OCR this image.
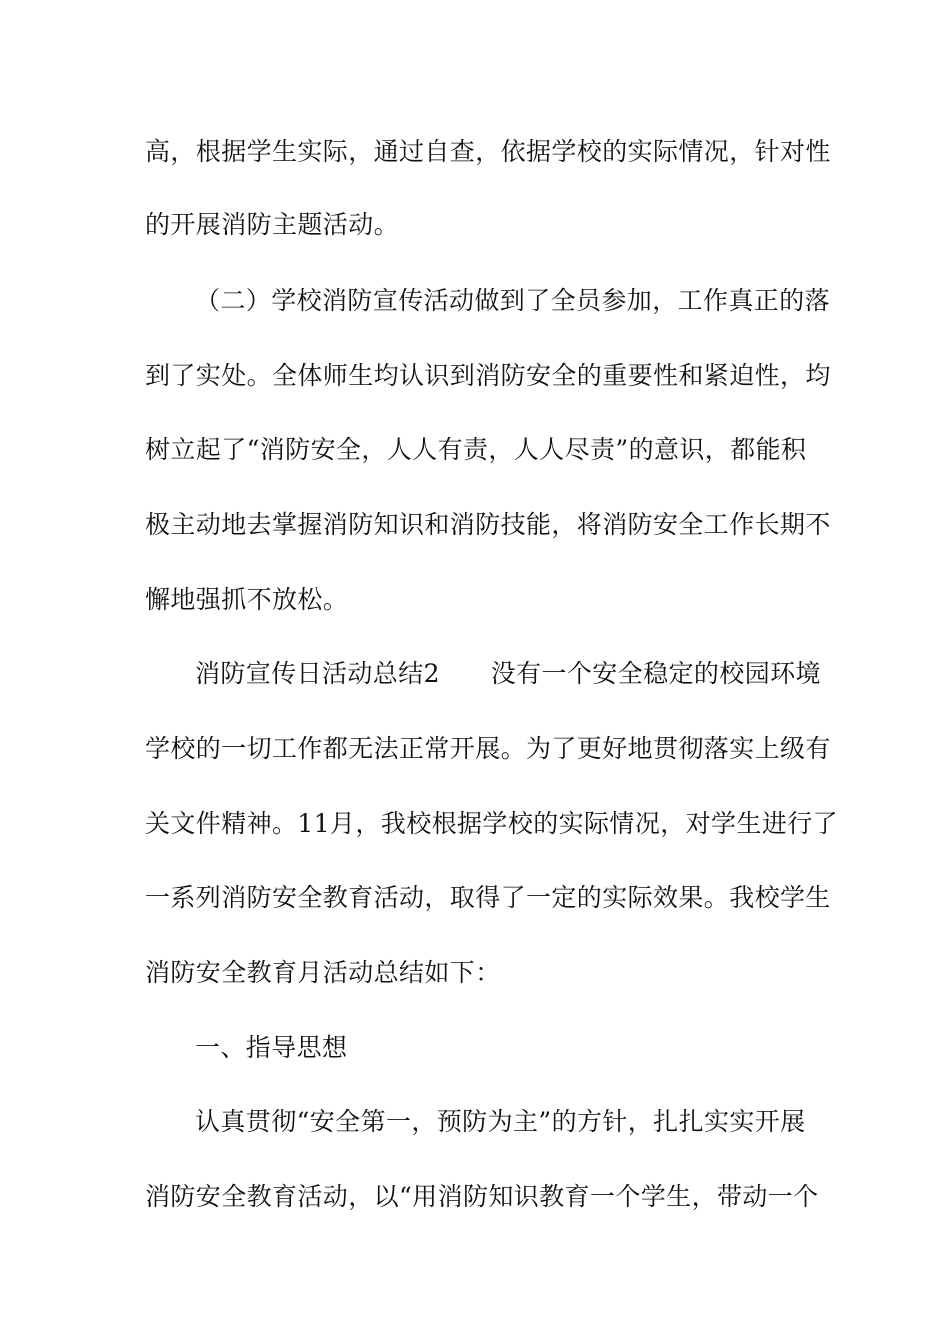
高，根据学生实际，通过自查，依据学校的实际情况，针对性
的开展消防主题活动。
（二）学校消防宣传活动做到了全员参加，工作真正的落
到了实处。全体师生均认识到消防安全的重要性和紧迫性，均
树立起了“消防安全，人人有责，人人尽责”的意识，都能积
极主动地去掌握消防知识和消防技能，将消防安全工作长期不
懈地强抓不放松。
消防宣传日活动总结2　　没有一个安全稳定的校园环境
学校的一切工作都无法正常开展。为了更好地贯彻落实上级有
关文件精神。11月，我校根据学校的实际情况，对学生进行了
一系列消防安全教育活动，取得了一定的实际效果。我校学生
消防安全教育月活动总结如下：
一、指导思想
认真贯彻“安全第一，预防为主”的方针，扎扎实实开展
消防安全教育活动，以“用消防知识教育一个学生，带动一个
